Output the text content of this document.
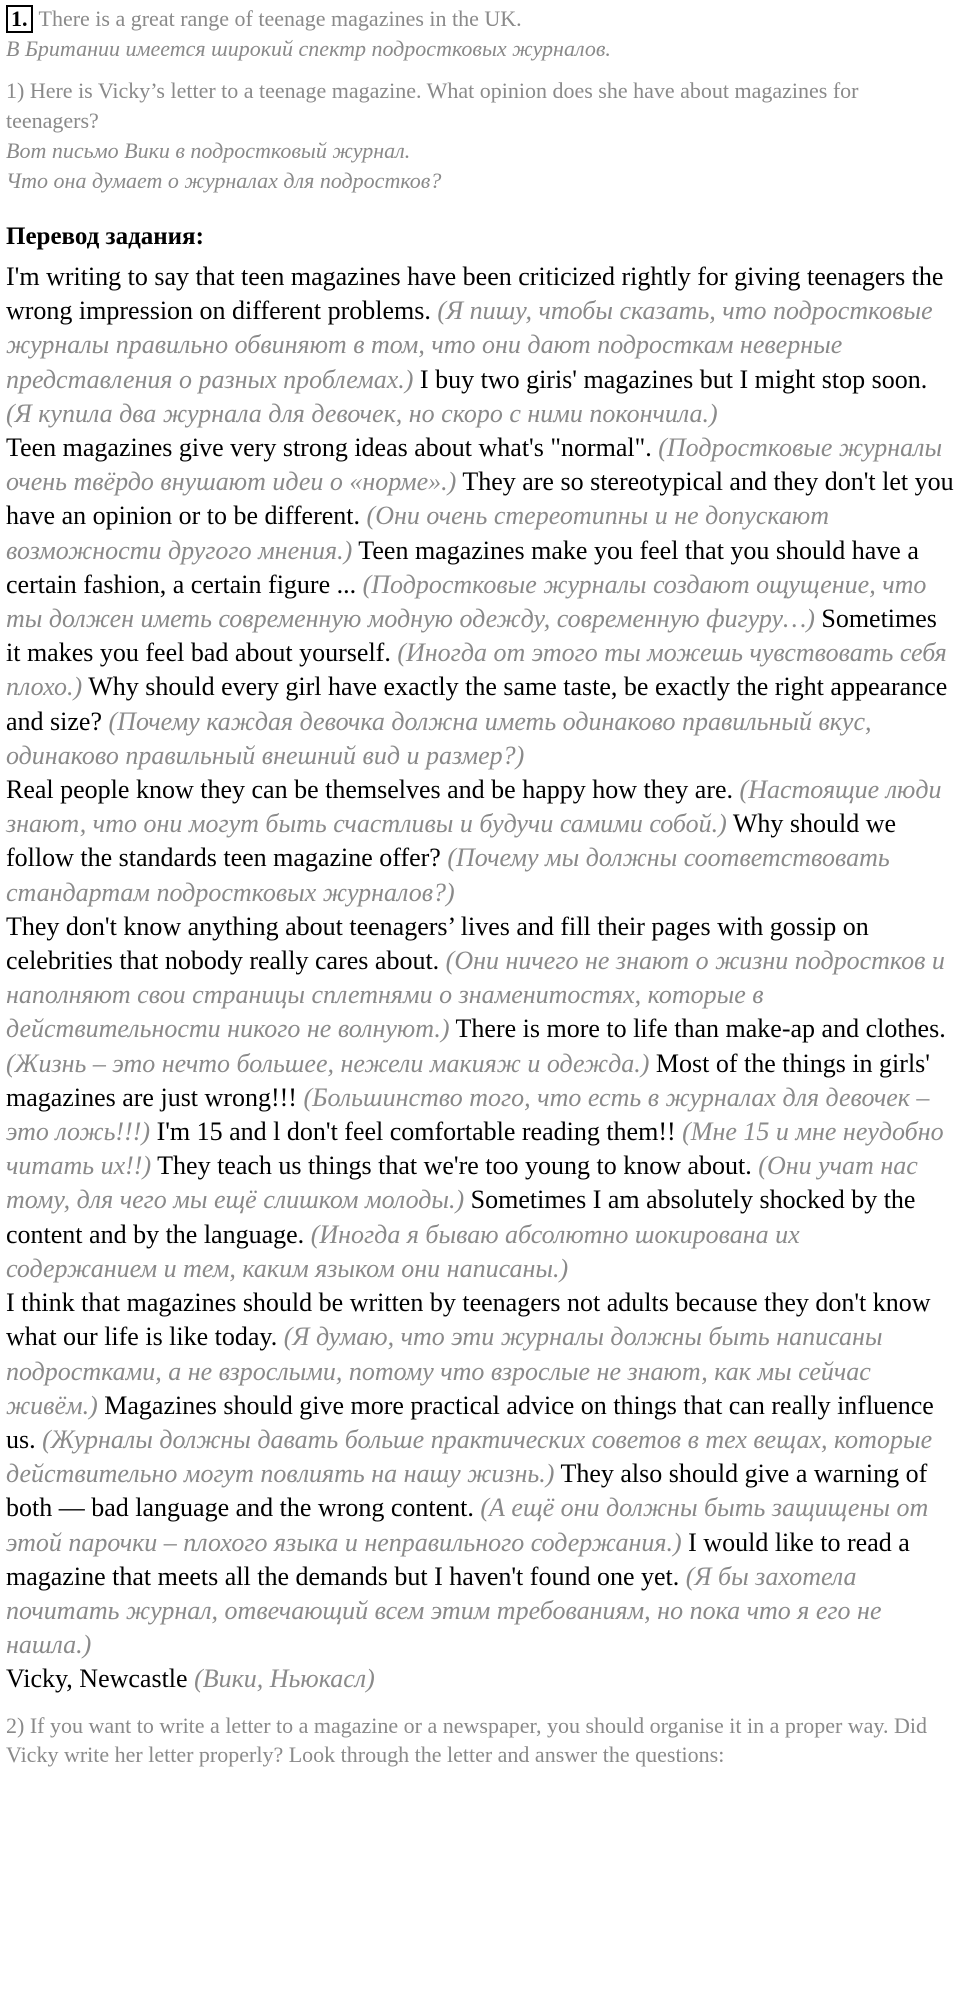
1. There is a great range of teenage magazines in the UK.
В Британии имеется широкий спектр подростковых журналов.
1) Here is Vicky’s letter to a teenage magazine. What opinion does she have about magazines for teenagers?
Вот письмо Вики в подростковый журнал.
Что она думает о журналах для подростков?
Перевод задания:

I'm writing to say that teen magazines have been criticized rightly for giving teenagers the wrong impression on different problems. (Я пишу, чтобы сказать, что подростковые журналы правильно обвиняют в том, что они дают подросткам неверные представления о разных проблемах.) I buy two giris' magazines but I might stop soon. (Я купила два журнала для девочек, но скоро с ними покончила.)

Teen magazines give very strong ideas about what's "normal". (Подростковые журналы очень твёрдо внушают идеи о «норме».) They are so stereotypical and they don't let you have an opinion or to be different. (Они очень стереотипны и не допускают возможности другого мнения.) Teen magazines make you feel that you should have a certain fashion, a certain figure ... (Подростковые журналы создают ощущение, что ты должен иметь современную модную одежду, современную фигуру…) Sometimes it makes you feel bad about yourself. (Иногда от этого ты можешь чувствовать себя плохо.) Why should every girl have exactly the same taste, be exactly the right appearance and size? (Почему каждая девочка должна иметь одинаково правильный вкус, одинаково правильный внешний вид и размер?)

Real people know they can be themselves and be happy how they are. (Настоящие люди знают, что они могут быть счастливы и будучи самими собой.) Why should we follow the standards teen magazine offer? (Почему мы должны соответствовать стандартам подростковых журналов?)

They don't know anything about teenagers’ lives and fill their pages with gossip on celebrities that nobody really cares about. (Они ничего не знают о жизни подростков и наполняют свои страницы сплетнями о знаменитостях, которые в действительности никого не волнуют.) There is more to life than make-ap and clothes. (Жизнь – это нечто большее, нежели макияж и одежда.) Most of the things in girls' magazines are just wrong!!! (Большинство того, что есть в журналах для девочек – это ложь!!!) I'm 15 and l don't feel comfortable reading them!! (Мне 15 и мне неудобно читать их!!) They teach us things that we're too young to know about. (Они учат нас тому, для чего мы ещё слишком молоды.) Sometimes I am absolutely shocked by the content and by the language. (Иногда я бываю абсолютно шокирована их содержанием и тем, каким языком они написаны.)

I think that magazines should be written by teenagers not adults because they don't know what our life is like today. (Я думаю, что эти журналы должны быть написаны подростками, а не взрослыми, потому что взрослые не знают, как мы сейчас живём.) Magazines should give more practical advice on things that can really influence us. (Журналы должны давать больше практических советов в тех вещах, которые действительно могут повлиять на нашу жизнь.) They also should give a warning of both — bad language and the wrong content. (А ещё они должны быть защищены от этой парочки – плохого языка и неправильного содержания.) I would like to read a magazine that meets all the demands but I haven't found one yet. (Я бы захотела почитать журнал, отвечающий всем этим требованиям, но пока что я его не нашла.)

Vicky, Newcastle (Вики, Ньюкасл)

2) If you want to write a letter to a magazine or a newspaper, you should organise it in a proper way. Did Vicky write her letter properly? Look through the letter and answer the questions:
